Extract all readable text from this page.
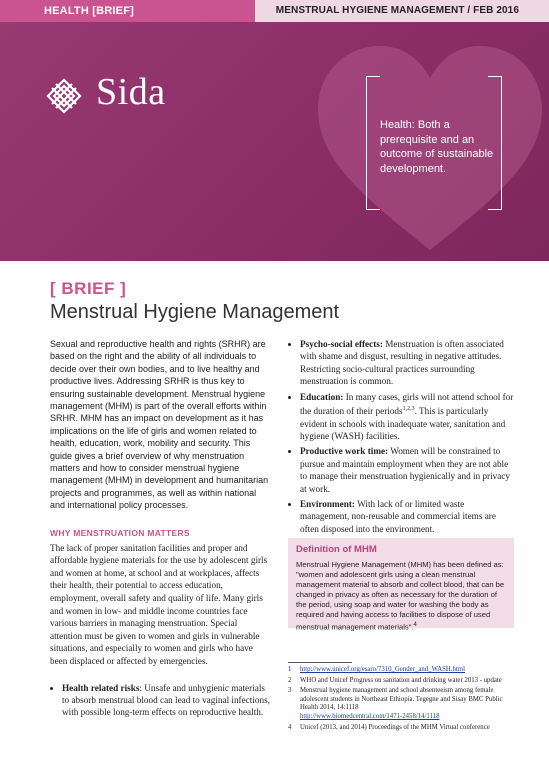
HEALTH [BRIEF]	MENSTRUAL HYGIENE MANAGEMENT / FEB 2016
Sida
Health: Both a prerequisite and an outcome of sustainable development.
[ BRIEF ]
Menstrual Hygiene Management

Sexual and reproductive health and rights (SRHR) are based on the right and the ability of all individuals to decide over their own bodies, and to live healthy and productive lives. Addressing SRHR is thus key to ensuring sustainable development. Menstrual hygiene management (MHM) is part of the overall efforts within SRHR. MHM has an impact on development as it has implications on the life of girls and women related to health, education, work, mobility and security. This guide gives a brief overview of why menstruation matters and how to consider menstrual hygiene management (MHM) in development and humanitarian projects and programmes, as well as within national and international policy processes.

WHY MENSTRUATION MATTERS

The lack of proper sanitation facilities and proper and affordable hygiene materials for the use by adolescent girls and women at home, at school and at workplaces, affects their health, their potential to access education, employment, overall safety and quality of life. Many girls and women in low- and middle income countries face various barriers in managing menstruation. Special attention must be given to women and girls in vulnerable situations, and especially to women and girls who have been displaced or affected by emergencies.

• Health related risks: Unsafe and unhygienic materials to absorb menstrual blood can lead to vaginal infections, with possible long-term effects on reproductive health.
• Psycho-social effects: Menstruation is often associated with shame and disgust, resulting in negative attitudes. Restricting socio-cultural practices surrounding menstruation is common.
• Education: In many cases, girls will not attend school for the duration of their periods$^{1,2,3}$. This is particularly evident in schools with inadequate water, sanitation and hygiene (WASH) facilities.
• Productive work time: Women will be constrained to pursue and maintain employment when they are not able to manage their menstruation hygienically and in privacy at work.
• Environment: With lack of or limited waste management, non-reusable and commercial items are often disposed into the environment.
Definition of MHM
Menstrual Hygiene Management (MHM) has been defined as: "women and adolescent girls using a clean menstrual management material to absorb and collect blood, that can be changed in privacy as often as necessary for the duration of the period, using soap and water for washing the body as required and having access to facilities to dispose of used menstrual management materials".$^4$
1	http://www.unicef.org/esaro/7310_Gender_and_WASH.html
2	WHO and Unicef Progress on sanitation and drinking water 2013 - update
3	Menstrual hygiene management and school absenteeism among female adolescent students in Northeast Ethiopia. Tegegne and Sisay BMC Public Health 2014, 14:1118
http://www.biomedcentral.com/1471-2458/14/1118
4	Unicef (2013, and 2014) Proceedings of the MHM Virtual conference
